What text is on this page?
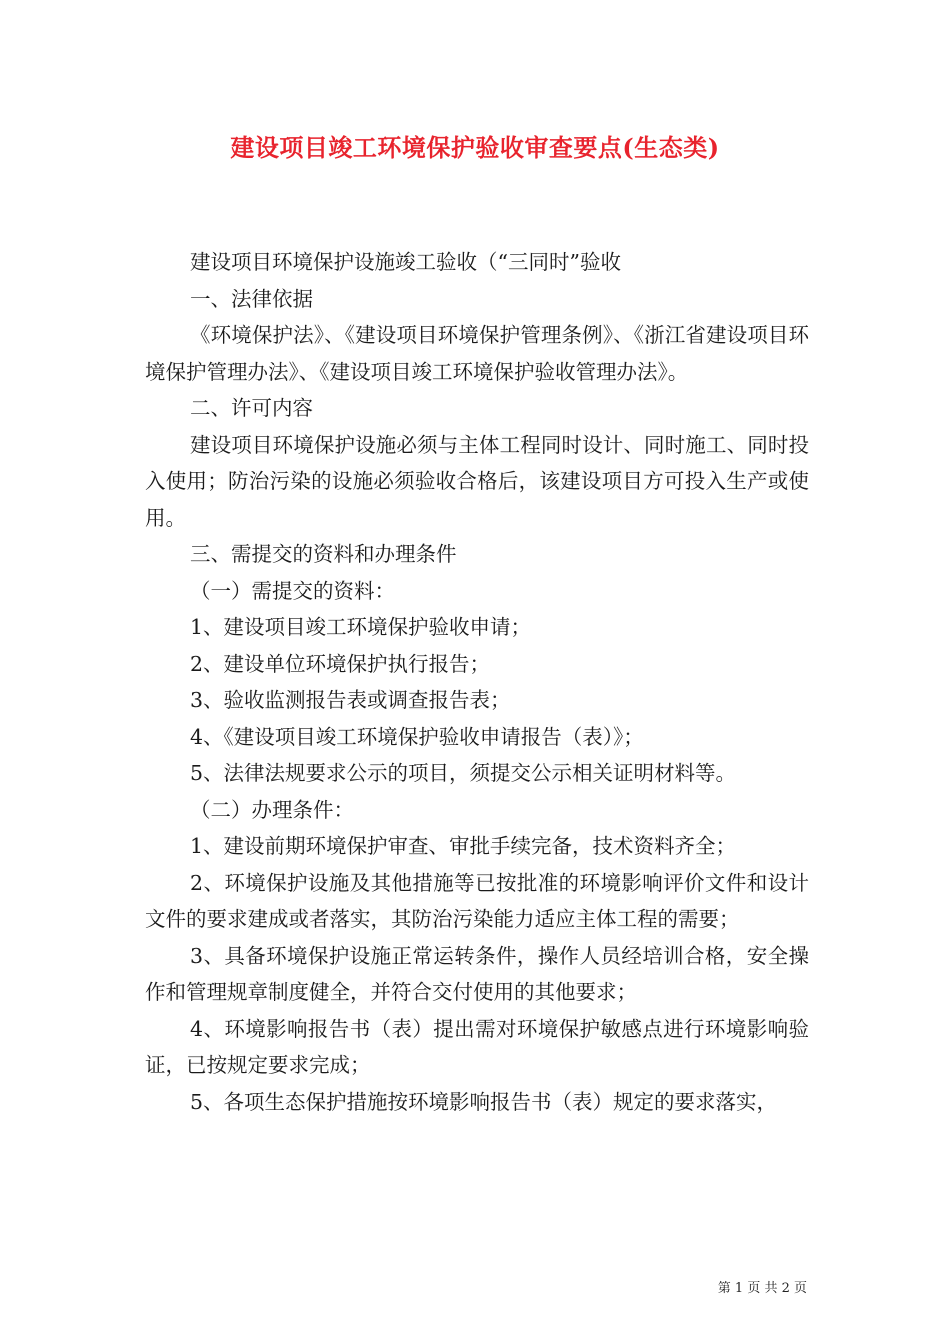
建设项目竣工环境保护验收审查要点(生态类)

建设项目环境保护设施竣工验收（“三同时”验收

一、法律依据

《环境保护法》、《建设项目环境保护管理条例》、《浙江省建设项目环境保护管理办法》、《建设项目竣工环境保护验收管理办法》。

二、许可内容

建设项目环境保护设施必须与主体工程同时设计、同时施工、同时投入使用；防治污染的设施必须验收合格后，该建设项目方可投入生产或使用。

三、需提交的资料和办理条件

（一）需提交的资料：

1、建设项目竣工环境保护验收申请；

2、建设单位环境保护执行报告；

3、验收监测报告表或调查报告表；

4、《建设项目竣工环境保护验收申请报告（表）》；

5、法律法规要求公示的项目，须提交公示相关证明材料等。

（二）办理条件：

1、建设前期环境保护审查、审批手续完备，技术资料齐全；

2、环境保护设施及其他措施等已按批准的环境影响评价文件和设计文件的要求建成或者落实，其防治污染能力适应主体工程的需要；

3、具备环境保护设施正常运转条件，操作人员经培训合格，安全操作和管理规章制度健全，并符合交付使用的其他要求；

4、环境影响报告书（表）提出需对环境保护敏感点进行环境影响验证，已按规定要求完成；

5、各项生态保护措施按环境影响报告书（表）规定的要求落实，

第 1 页 共 2 页
